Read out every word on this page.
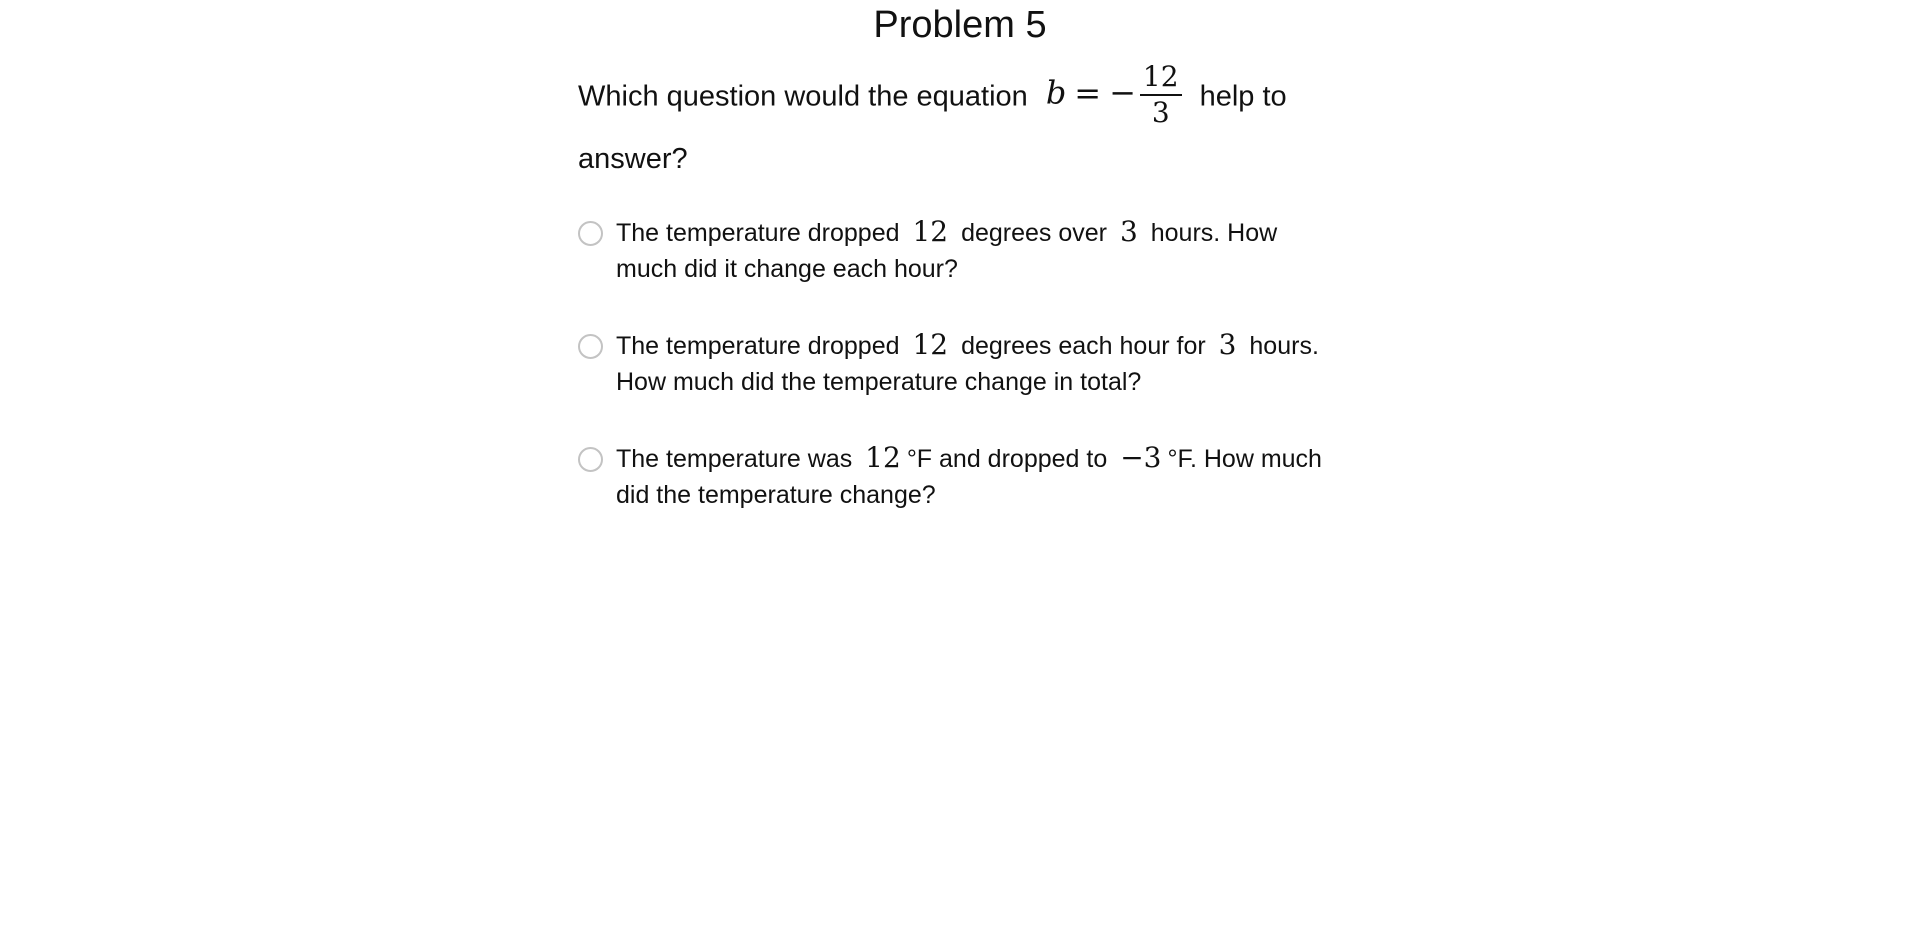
Problem 5
Which question would the equation b = − $\frac{12}{3}$ help to answer?
The temperature dropped 12 degrees over 3 hours. How much did it change each hour?
The temperature dropped 12 degrees each hour for 3 hours. How much did the temperature change in total?
The temperature was 12 °F and dropped to −3 °F. How much did the temperature change?
